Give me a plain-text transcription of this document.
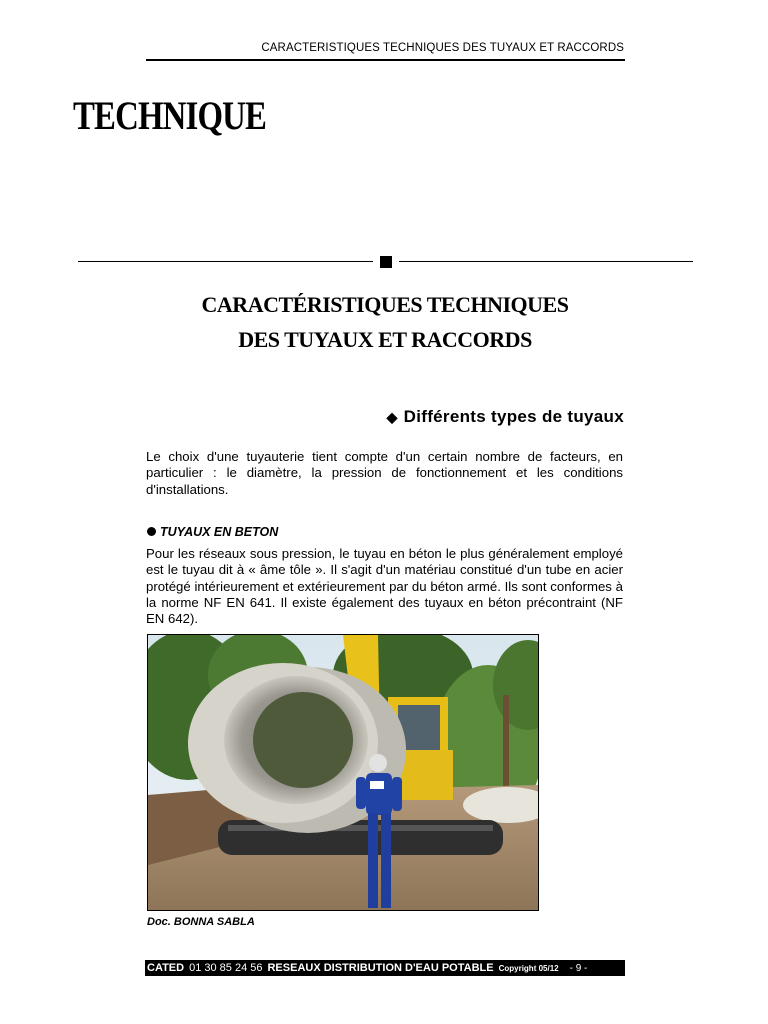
CARACTERISTIQUES TECHNIQUES DES TUYAUX ET RACCORDS
TECHNIQUE
CARACTÉRISTIQUES TECHNIQUES
DES TUYAUX ET RACCORDS
◆ Différents types de tuyaux
Le choix d'une tuyauterie tient compte d'un certain nombre de facteurs, en particulier : le diamètre, la pression de fonctionnement et les conditions d'installations.
TUYAUX EN BETON
Pour les réseaux sous pression, le tuyau en béton le plus généralement employé est le tuyau dit à « âme tôle ». Il s'agit d'un matériau constitué d'un tube en acier protégé intérieurement et extérieurement par du béton armé. Ils sont conformes à la norme NF EN 641. Il existe également des tuyaux en béton précontraint (NF EN 642).
Doc. BONNA SABLA
CATED 01 30 85 24 56 RESEAUX DISTRIBUTION D'EAU POTABLE Copyright 05/12 - 9 -
